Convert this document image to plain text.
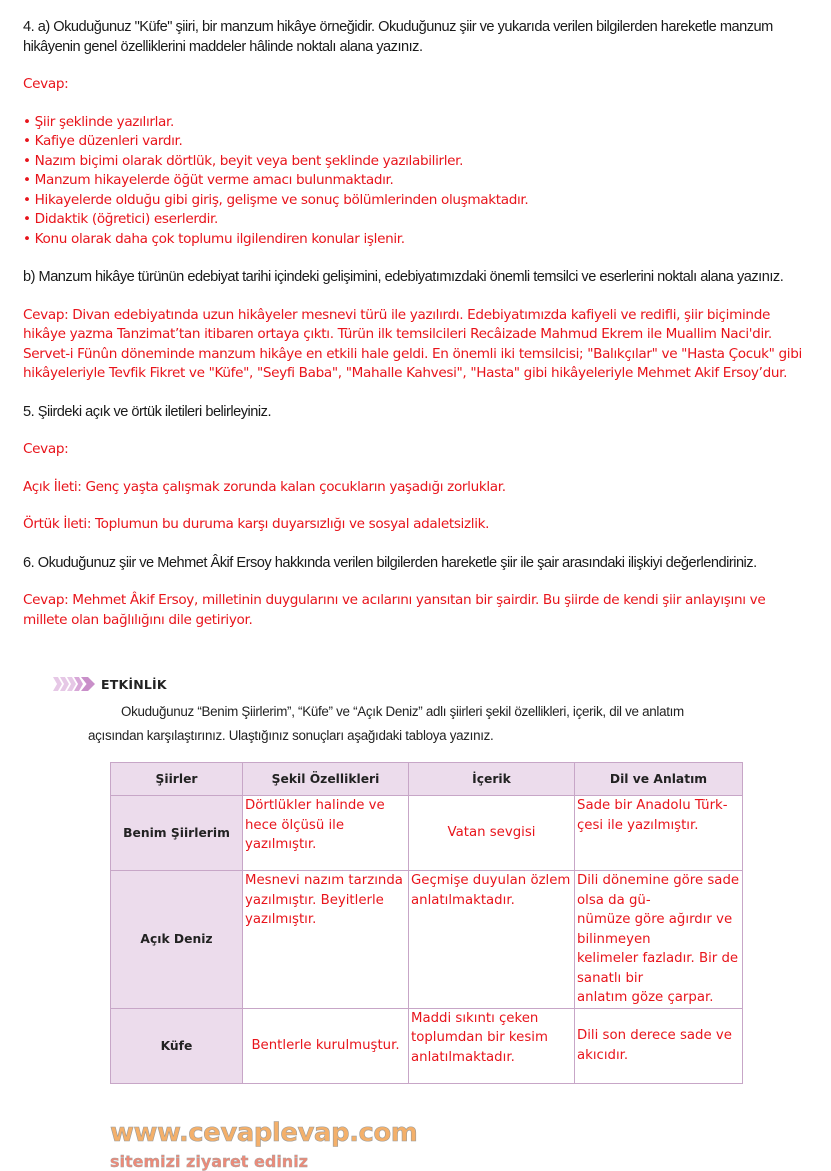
4. a) Okuduğunuz "Küfe" şiiri, bir manzum hikâye örneğidir. Okuduğunuz şiir ve yukarıda verilen bilgilerden hareketle manzum hikâyenin genel özelliklerini maddeler hâlinde noktalı alana yazınız.
Cevap:
• Şiir şeklinde yazılırlar.
• Kafiye düzenleri vardır.
• Nazım biçimi olarak dörtlük, beyit veya bent şeklinde yazılabilirler.
• Manzum hikayelerde öğüt verme amacı bulunmaktadır.
• Hikayelerde olduğu gibi giriş, gelişme ve sonuç bölümlerinden oluşmaktadır.
• Didaktik (öğretici) eserlerdir.
• Konu olarak daha çok toplumu ilgilendiren konular işlenir.
b) Manzum hikâye türünün edebiyat tarihi içindeki gelişimini, edebiyatımızdaki önemli temsilci ve eserlerini noktalı alana yazınız.
Cevap: Divan edebiyatında uzun hikâyeler mesnevi türü ile yazılırdı. Edebiyatımızda kafiyeli ve redifli, şiir biçiminde hikâye yazma Tanzimat’tan itibaren ortaya çıktı. Türün ilk temsilcileri Recâizade Mahmud Ekrem ile Muallim Naci'dir. Servet-i Fünûn döneminde manzum hikâye en etkili hale geldi. En önemli iki temsilcisi; "Balıkçılar" ve "Hasta Çocuk" gibi hikâyeleriyle Tevfik Fikret ve "Küfe", "Seyfi Baba", "Mahalle Kahvesi", "Hasta" gibi hikâyeleriyle Mehmet Akif Ersoy’dur.
5. Şiirdeki açık ve örtük iletileri belirleyiniz.
Cevap:
Açık İleti: Genç yaşta çalışmak zorunda kalan çocukların yaşadığı zorluklar.
Örtük İleti: Toplumun bu duruma karşı duyarsızlığı ve sosyal adaletsizlik.
6. Okuduğunuz şiir ve Mehmet Âkif Ersoy hakkında verilen bilgilerden hareketle şiir ile şair arasındaki ilişkiyi değerlendiriniz.
Cevap: Mehmet Âkif Ersoy, milletinin duygularını ve acılarını yansıtan bir şairdir. Bu şiirde de kendi şiir anlayışını ve millete olan bağlılığını dile getiriyor.
ETKİNLİK
Okuduğunuz “Benim Şiirlerim”, “Küfe” ve “Açık Deniz” adlı şiirleri şekil özellikleri, içerik, dil ve anlatım açısından karşılaştırınız. Ulaştığınız sonuçları aşağıdaki tabloya yazınız.
Şiirler	Şekil Özellikleri	İçerik	Dil ve Anlatım
Benim Şiirlerim	Dörtlükler halinde ve hece ölçüsü ile yazılmıştır.	Vatan sevgisi	Sade bir Anadolu Türkçesi ile yazılmıştır.
Açık Deniz	Mesnevi nazım tarzında yazılmıştır. Beyitlerle yazılmıştır.	Geçmişe duyulan özlem anlatılmaktadır.	Dili dönemine göre sade olsa da gü-
nümüze göre ağırdır ve bilinmeyen
kelimeler fazladır. Bir de sanatlı bir
anlatım göze çarpar.

Küfe	Bentlerle kurulmuştur.	Maddi sıkıntı çeken toplumdan bir kesim anlatılmaktadır.	Dili son derece sade ve akıcıdır.
www.cevaplevap.com
sitemizi ziyaret ediniz
